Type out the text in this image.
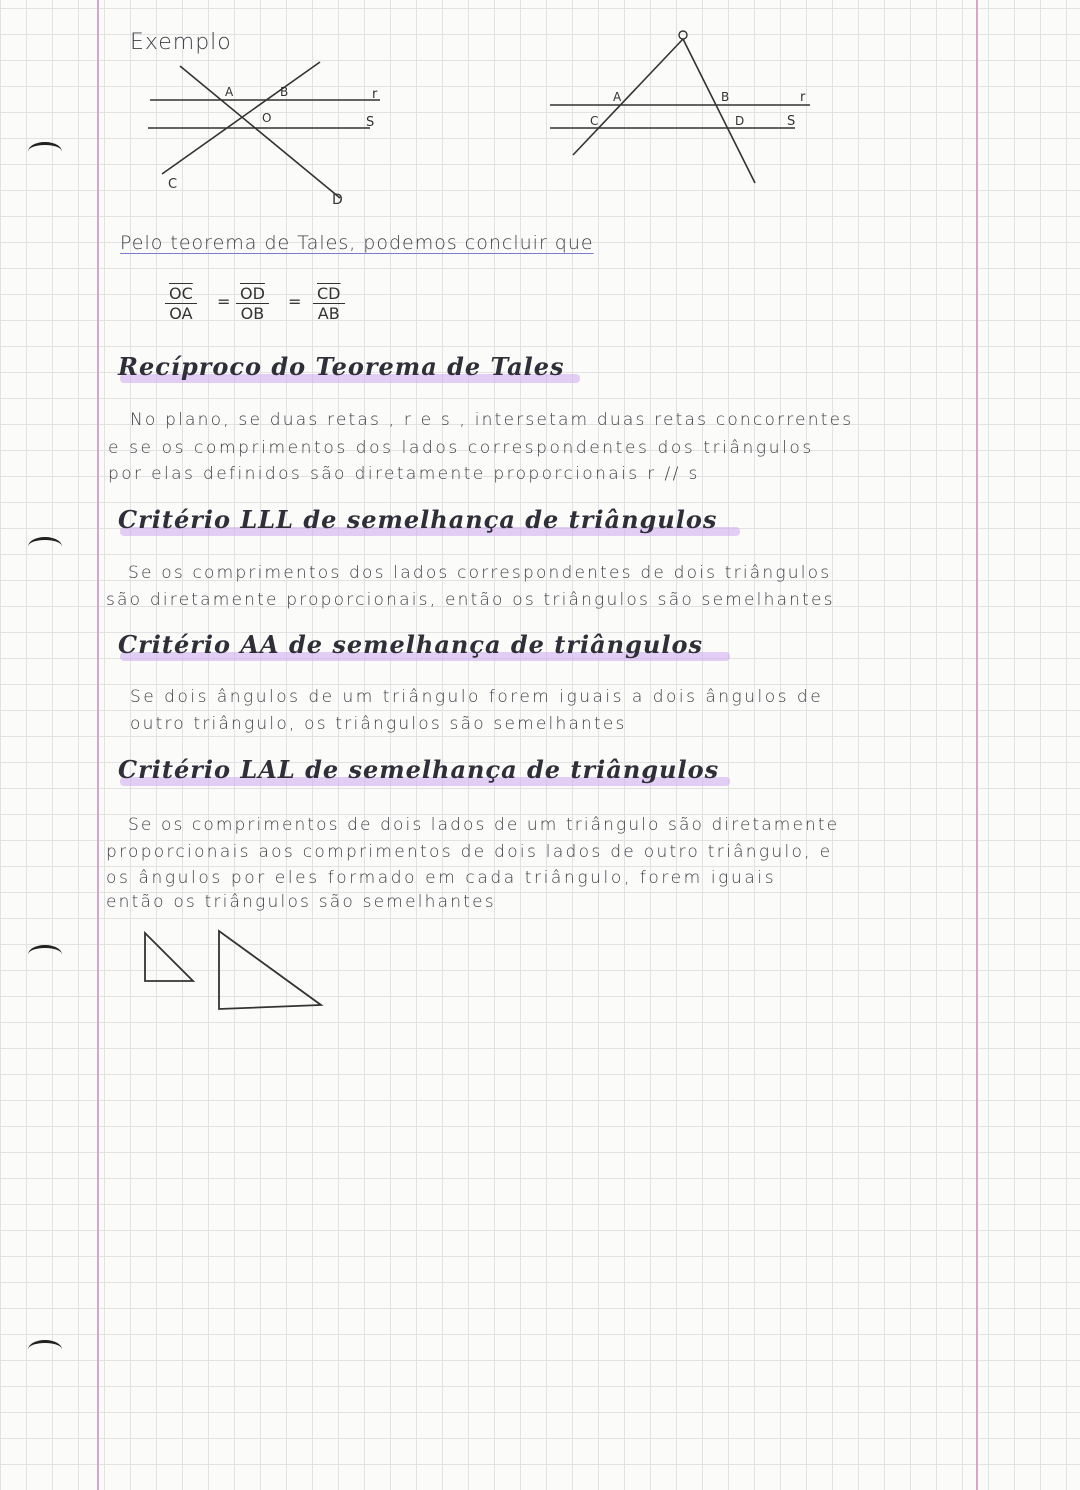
Exemplo

A	B	r
O	S
C
D
A	B	r
C	D	S

Pelo teorema de Tales, podemos concluir que

$\frac{\overline{OC}}{OA} = \frac{\overline{OD}}{OB} = \frac{\overline{CD}}{AB}$

Recíproco do Teorema de Tales

No plano, se duas retas , r e s , intersetam duas retas concorrentes

e se os comprimentos dos lados correspondentes dos triângulos

por elas definidos são diretamente proporcionais r // s

Critério LLL de semelhança de triângulos

Se os comprimentos dos lados correspondentes de dois triângulos

são diretamente proporcionais, então os triângulos são semelhantes

Critério AA de semelhança de triângulos

Se dois ângulos de um triângulo forem iguais a dois ângulos de

outro triângulo, os triângulos são semelhantes

Critério LAL de semelhança de triângulos

Se os comprimentos de dois lados de um triângulo são diretamente

proporcionais aos comprimentos de dois lados de outro triângulo, e

os ângulos por eles formado em cada triângulo, forem iguais

então os triângulos são semelhantes
